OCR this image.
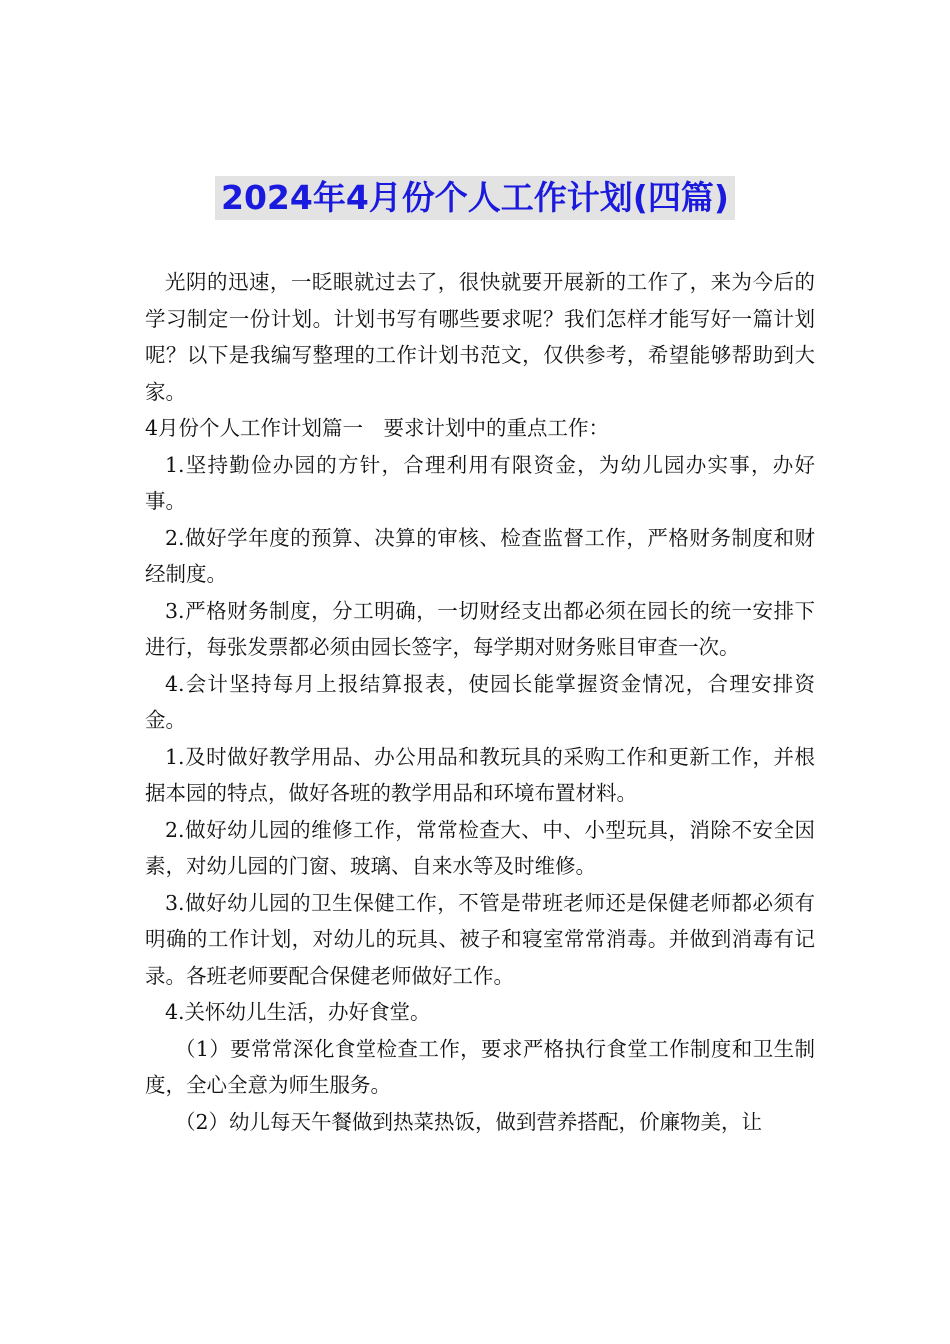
2024年4月份个人工作计划(四篇)

光阴的迅速，一眨眼就过去了，很快就要开展新的工作了，来为今后的学习制定一份计划。计划书写有哪些要求呢？我们怎样才能写好一篇计划呢？以下是我编写整理的工作计划书范文，仅供参考，希望能够帮助到大家。

4月份个人工作计划篇一　要求计划中的重点工作：

1.坚持勤俭办园的方针，合理利用有限资金，为幼儿园办实事，办好事。

2.做好学年度的预算、决算的审核、检查监督工作，严格财务制度和财经制度。

3.严格财务制度，分工明确，一切财经支出都必须在园长的统一安排下进行，每张发票都必须由园长签字，每学期对财务账目审查一次。

4.会计坚持每月上报结算报表，使园长能掌握资金情况，合理安排资金。

1.及时做好教学用品、办公用品和教玩具的采购工作和更新工作，并根据本园的特点，做好各班的教学用品和环境布置材料。

2.做好幼儿园的维修工作，常常检查大、中、小型玩具，消除不安全因素，对幼儿园的门窗、玻璃、自来水等及时维修。

3.做好幼儿园的卫生保健工作，不管是带班老师还是保健老师都必须有明确的工作计划，对幼儿的玩具、被子和寝室常常消毒。并做到消毒有记录。各班老师要配合保健老师做好工作。

4.关怀幼儿生活，办好食堂。

（1）要常常深化食堂检查工作，要求严格执行食堂工作制度和卫生制度，全心全意为师生服务。

（2）幼儿每天午餐做到热菜热饭，做到营养搭配，价廉物美，让
